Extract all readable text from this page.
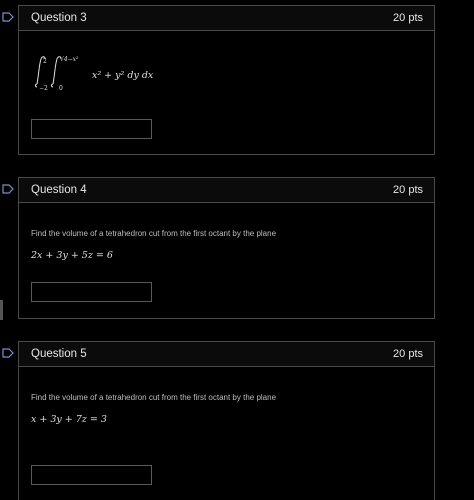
Question 3	20 pts
2
−2
√4−x²
0
x² + y² dy dx
Question 4	20 pts
Find the volume of a tetrahedron cut from the first octant by the plane
2x + 3y + 5z = 6
Question 5	20 pts
Find the volume of a tetrahedron cut from the first octant by the plane
x + 3y + 7z = 3
